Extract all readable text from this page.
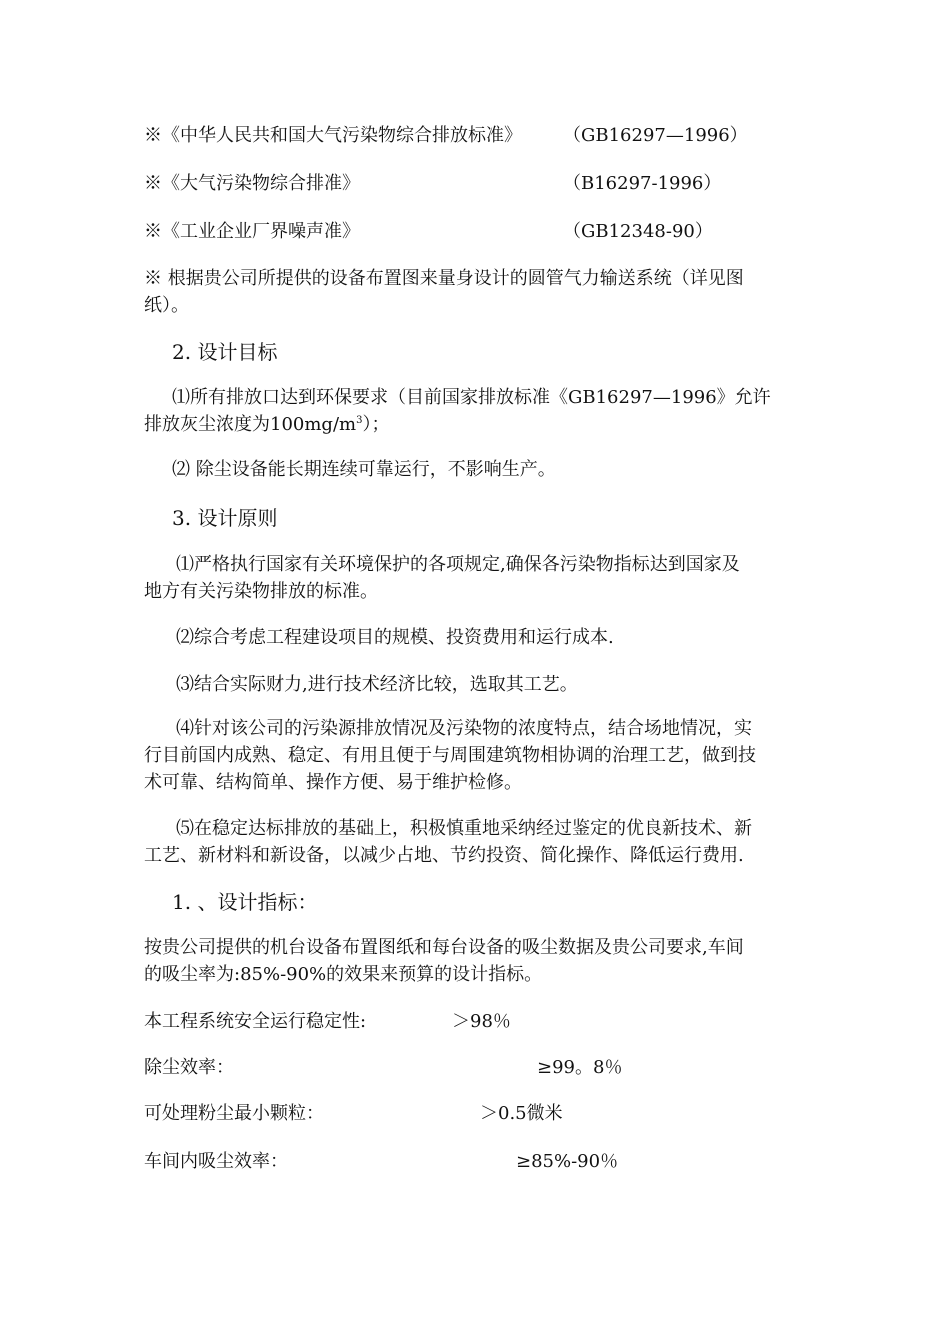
※《中华人民共和国大气污染物综合排放标准》 （GB16297—1996）
※《大气污染物综合排准》	（B16297-1996）
※《工业企业厂界噪声准》	（GB12348-90）
※ 根据贵公司所提供的设备布置图来量身设计的圆管气力输送系统（详见图
纸）。
2. 设计目标
⑴所有排放口达到环保要求（目前国家排放标准《GB16297—1996》允许
排放灰尘浓度为$100mg/m^3$）；
⑵ 除尘设备能长期连续可靠运行，不影响生产。
3. 设计原则
⑴严格执行国家有关环境保护的各项规定,确保各污染物指标达到国家及
地方有关污染物排放的标准。
⑵综合考虑工程建设项目的规模、投资费用和运行成本.
⑶结合实际财力,进行技术经济比较，选取其工艺。
⑷针对该公司的污染源排放情况及污染物的浓度特点，结合场地情况，实
行目前国内成熟、稳定、有用且便于与周围建筑物相协调的治理工艺，做到技
术可靠、结构简单、操作方便、易于维护检修。
⑸在稳定达标排放的基础上，积极慎重地采纳经过鉴定的优良新技术、新
工艺、新材料和新设备，以减少占地、节约投资、简化操作、降低运行费用.
1. 、设计指标：
按贵公司提供的机台设备布置图纸和每台设备的吸尘数据及贵公司要求,车间
的吸尘率为:85%-90%的效果来预算的设计指标。
本工程系统安全运行稳定性:	＞98％
除尘效率：	≥99。8％
可处理粉尘最小颗粒：	＞0.5微米
车间内吸尘效率：	≥85%-90％
